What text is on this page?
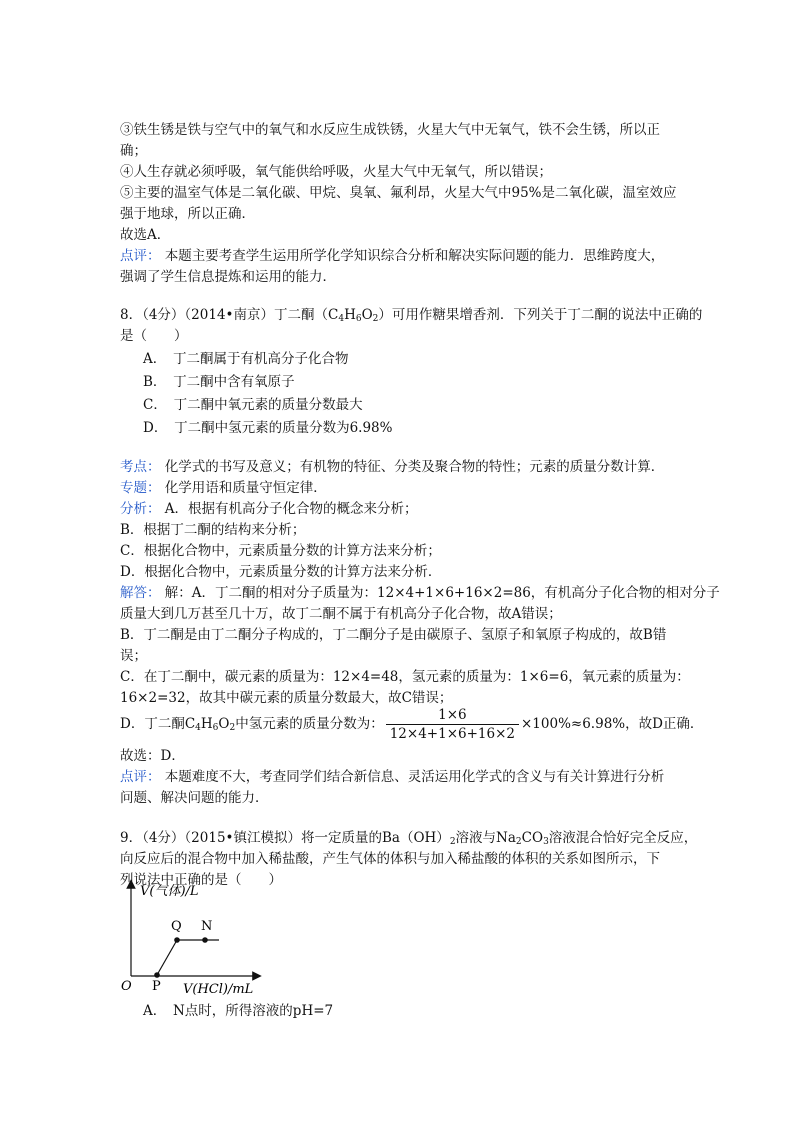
③铁生锈是铁与空气中的氧气和水反应生成铁锈，火星大气中无氧气，铁不会生锈，所以正
确；
④人生存就必须呼吸，氧气能供给呼吸，火星大气中无氧气，所以错误；
⑤主要的温室气体是二氧化碳、甲烷、臭氧、氟利昂，火星大气中95%是二氧化碳，温室效应
强于地球，所以正确．
故选A．
点评： 本题主要考查学生运用所学化学知识综合分析和解决实际问题的能力．思维跨度大，
强调了学生信息提炼和运用的能力．
8．（4分）（2014•南京）丁二酮$(C_4H_6O_2)$可用作糖果增香剂．下列关于丁二酮的说法中正确的
是（　　）
A．　丁二酮属于有机高分子化合物
B．　丁二酮中含有氧原子
C．　丁二酮中氧元素的质量分数最大
D．　丁二酮中氢元素的质量分数为6.98%
考点： 化学式的书写及意义；有机物的特征、分类及聚合物的特性；元素的质量分数计算．
专题： 化学用语和质量守恒定律．
分析： A．根据有机高分子化合物的概念来分析；
B．根据丁二酮的结构来分析；
C．根据化合物中，元素质量分数的计算方法来分析；
D．根据化合物中，元素质量分数的计算方法来分析．
解答： 解：A．丁二酮的相对分子质量为：12×4+1×6+16×2=86，有机高分子化合物的相对分子
质量大到几万甚至几十万，故丁二酮不属于有机高分子化合物，故A错误；
B．丁二酮是由丁二酮分子构成的，丁二酮分子是由碳原子、氢原子和氧原子构成的，故B错
误；
C．在丁二酮中，碳元素的质量为：12×4=48，氢元素的质量为：1×6=6，氧元素的质量为：
16×2=32，故其中碳元素的质量分数最大，故C错误；
D．丁二酮$C_4H_6O_2$中氢元素的质量分数为： $\frac{1\times 6}{12\times 4+1\times 6+16\times 2} \times 100\%\approx 6.98\%$，故D正确．
故选：D．
点评： 本题难度不大，考查同学们结合新信息、灵活运用化学式的含义与有关计算进行分析
问题、解决问题的能力．
9．（4分）（2015•镇江模拟）将一定质量的$Ba(OH)_2$溶液与$Na_2CO_3$溶液混合恰好完全反应，
向反应后的混合物中加入稀盐酸，产生气体的体积与加入稀盐酸的体积的关系如图所示，下
列说法中正确的是（　　）
V(气体)/L
Q N
O P V(HCl)/mL
A．　N点时，所得溶液的pH=7
